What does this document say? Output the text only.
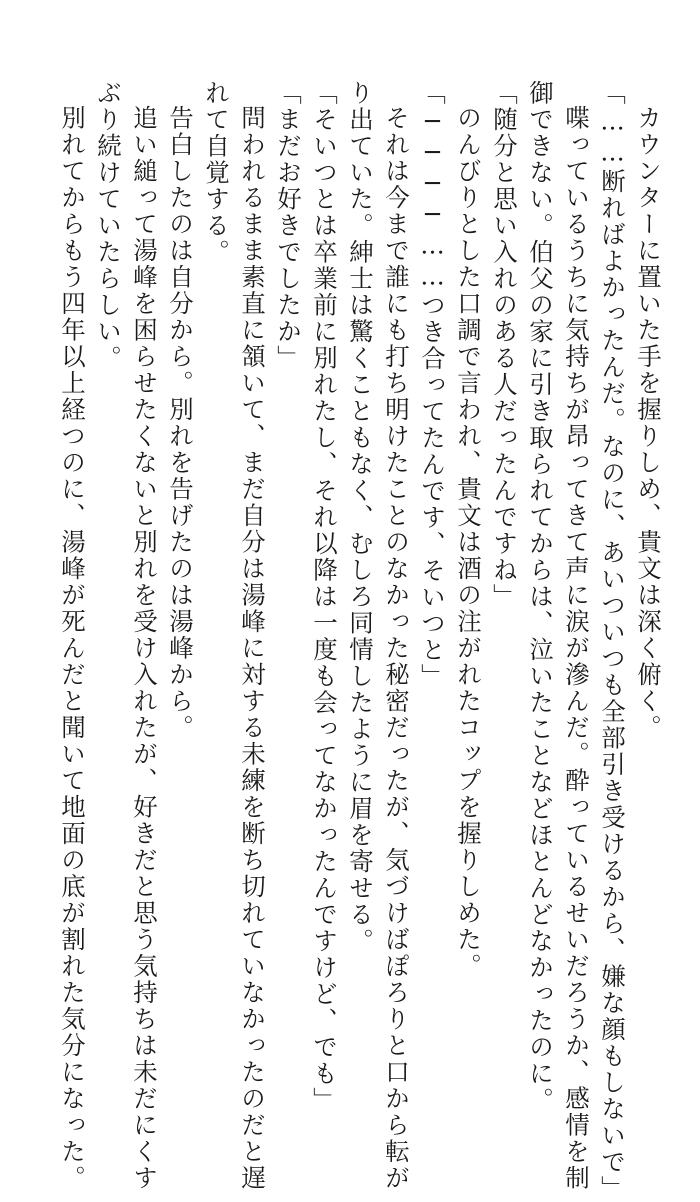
カウンターに置いた手を握りしめ、貴文は深く俯く。
「……断ればよかったんだ。なのに、あいついつも全部引き受けるから、嫌な顔もしないで」
喋っているうちに気持ちが昂ってきて声に涙が滲んだ。酔っているせいだろうか、感情を制
御できない。伯父の家に引き取られてからは、泣いたことなどほとんどなかったのに。
「随分と思い入れのある人だったんですね」
のんびりとした口調で言われ、貴文は酒の注がれたコップを握りしめた。
「────……つき合ってたんです、そいつと」
それは今まで誰にも打ち明けたことのなかった秘密だったが、気づけばぽろりと口から転が
り出ていた。紳士は驚くこともなく、むしろ同情したように眉を寄せる。
「そいつとは卒業前に別れたし、それ以降は一度も会ってなかったんですけど、でも」
「まだお好きでしたか」
問われるまま素直に頷いて、まだ自分は湯峰に対する未練を断ち切れていなかったのだと遅
れて自覚する。
告白したのは自分から。別れを告げたのは湯峰から。
追い縋って湯峰を困らせたくないと別れを受け入れたが、好きだと思う気持ちは未だにくす
ぶり続けていたらしい。
別れてからもう四年以上経つのに、湯峰が死んだと聞いて地面の底が割れた気分になった。
